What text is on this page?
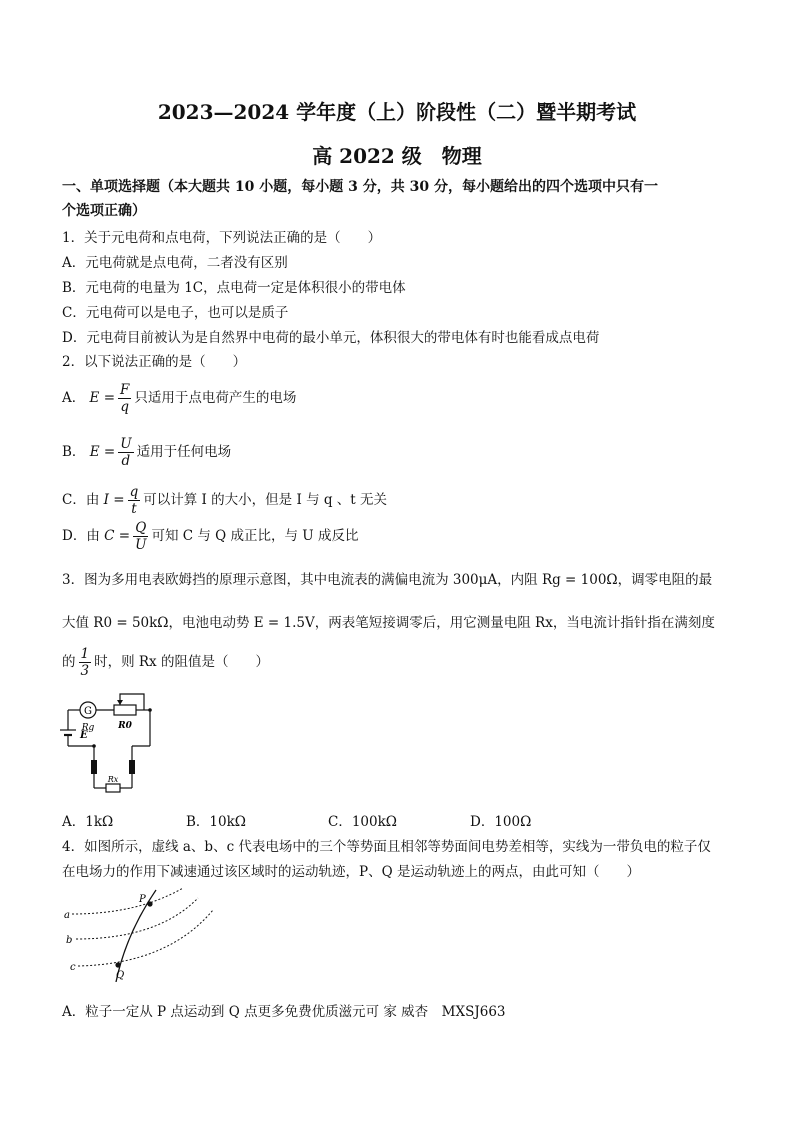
2023—2024 学年度（上）阶段性（二）暨半期考试
高 2022 级　物理
一、单项选择题（本大题共 10 小题，每小题 3 分，共 30 分，每小题给出的四个选项中只有一
个选项正确）
1．关于元电荷和点电荷，下列说法正确的是（　　）
A．元电荷就是点电荷，二者没有区别
B．元电荷的电量为 1C，点电荷一定是体积很小的带电体
C．元电荷可以是电子，也可以是质子
D．元电荷目前被认为是自然界中电荷的最小单元，体积很大的带电体有时也能看成点电荷
2．以下说法正确的是（　　）
A． $E = \frac{F}{q}$ 只适用于点电荷产生的电场
B． $E = \frac{U}{d}$ 适用于任何电场
C．由 $I = \frac{q}{t}$ 可以计算 I 的大小，但是 I 与 q 、t 无关
D．由 $C = \frac{Q}{U}$ 可知 C 与 Q 成正比，与 U 成反比
3．图为多用电表欧姆挡的原理示意图，其中电流表的满偏电流为 300μA，内阻 Rg = 100Ω，调零电阻的最
大值 R0 = 50kΩ，电池电动势 E = 1.5V，两表笔短接调零后，用它测量电阻 Rx，当电流计指针指在满刻度
的 $\frac{1}{3}$ 时，则 Rx 的阻值是（　　）
G
Rg	R0
E
Rx
A．1kΩ	B．10kΩ	C．100kΩ	D．100Ω
4．如图所示，虚线 a、b、c 代表电场中的三个等势面且相邻等势面间电势差相等，实线为一带负电的粒子仅
在电场力的作用下减速通过该区域时的运动轨迹，P、Q 是运动轨迹上的两点，由此可知（　　）
a
b
c
P
Q
A．粒子一定从 P 点运动到 Q 点更多免费优质滋元可 家 威杏　MXSJ663
